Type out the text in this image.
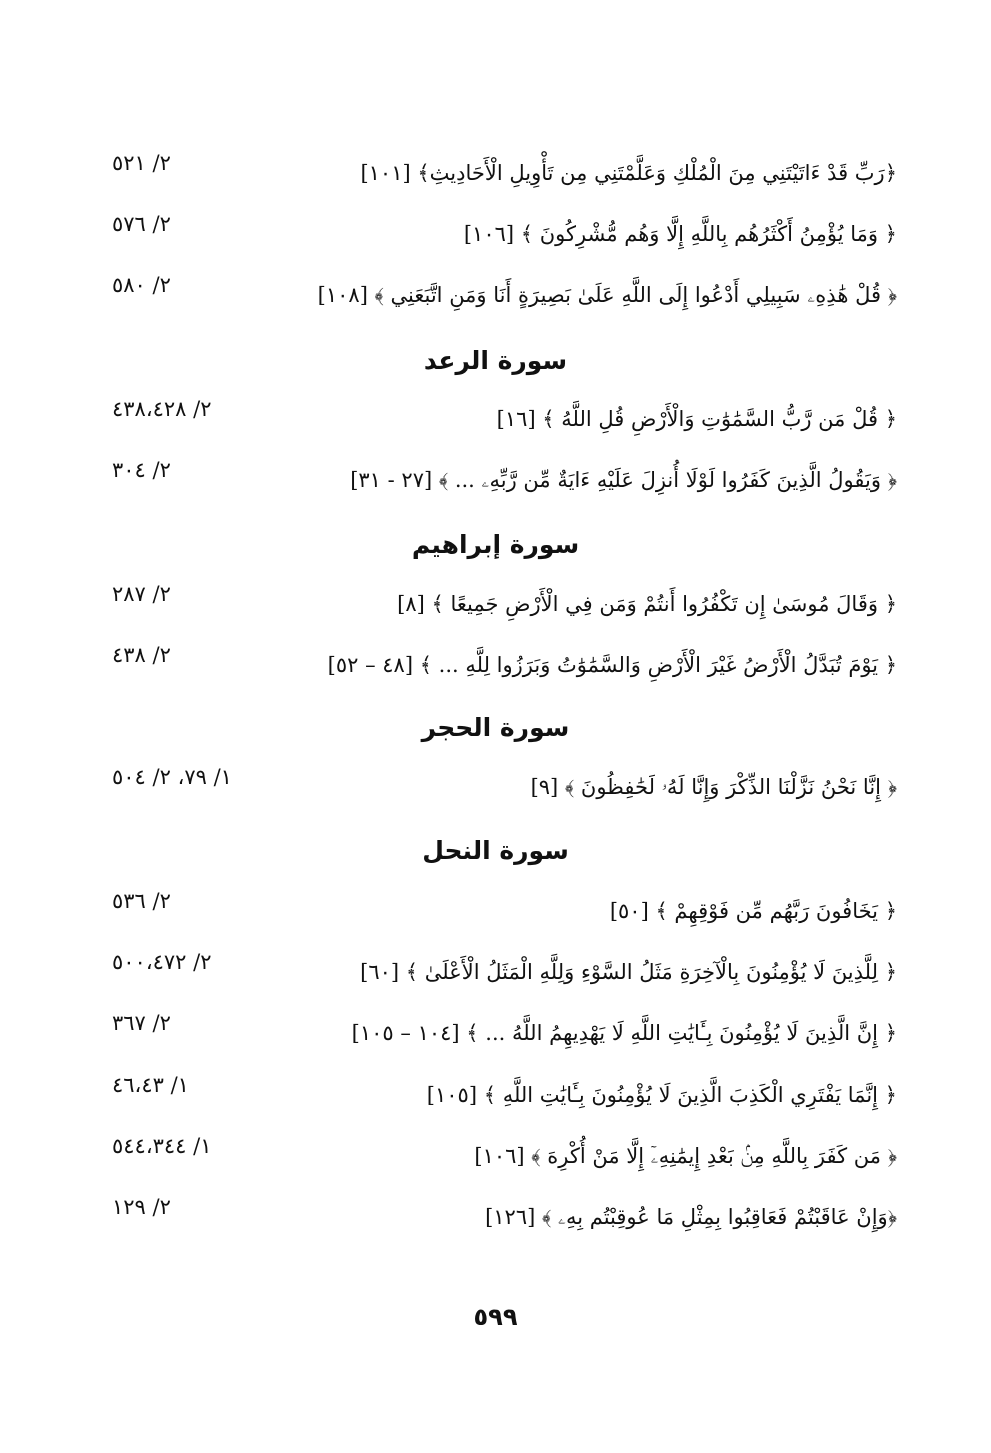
﴿رَبِّ قَدْ ءَاتَيْتَنِي مِنَ الْمُلْكِ وَعَلَّمْتَنِي مِن تَأْوِيلِ الْأَحَادِيثِ﴾ [١٠١]
٢/ ٥٢١
﴿ وَمَا يُؤْمِنُ أَكْثَرُهُم بِاللَّهِ إِلَّا وَهُم مُّشْرِكُونَ ﴾ [١٠٦]
٢/ ٥٧٦
﴿ قُلْ هَٰذِهِۦ سَبِيلِي أَدْعُوا إِلَى اللَّهِ عَلَىٰ بَصِيرَةٍ أَنَا وَمَنِ اتَّبَعَنِي ﴾ [١٠٨]
٢/ ٥٨٠
سورة الرعد
﴿ قُلْ مَن رَّبُّ السَّمَٰوَٰتِ وَالْأَرْضِ قُلِ اللَّهُ ﴾ [١٦]
٢/ ٤٣٨،٤٢٨
﴿ وَيَقُولُ الَّذِينَ كَفَرُوا لَوْلَا أُنزِلَ عَلَيْهِ ءَايَةٌ مِّن رَّبِّهِۦ ... ﴾ [٢٧ - ٣١]
٢/ ٣٠٤
سورة إبراهيم
﴿ وَقَالَ مُوسَىٰ إِن تَكْفُرُوا أَنتُمْ وَمَن فِي الْأَرْضِ جَمِيعًا ﴾ [٨]
٢/ ٢٨٧
﴿ يَوْمَ تُبَدَّلُ الْأَرْضُ غَيْرَ الْأَرْضِ وَالسَّمَٰوَٰتُ وَبَرَزُوا لِلَّهِ ... ﴾ [٤٨ – ٥٢]
٢/ ٤٣٨
سورة الحجر
﴿ إِنَّا نَحْنُ نَزَّلْنَا الذِّكْرَ وَإِنَّا لَهُۥ لَحَٰفِظُونَ ﴾ [٩]
١/ ٧٩، ٢/ ٥٠٤
سورة النحل
﴿ يَخَافُونَ رَبَّهُم مِّن فَوْقِهِمْ ﴾ [٥٠]
٢/ ٥٣٦
﴿ لِلَّذِينَ لَا يُؤْمِنُونَ بِالْآخِرَةِ مَثَلُ السَّوْءِ وَلِلَّهِ الْمَثَلُ الْأَعْلَىٰ ﴾ [٦٠]
٢/ ٥٠٠،٤٧٢
﴿ إِنَّ الَّذِينَ لَا يُؤْمِنُونَ بِـَٔايَٰتِ اللَّهِ لَا يَهْدِيهِمُ اللَّهُ ... ﴾ [١٠٤ – ١٠٥]
٢/ ٣٦٧
﴿ إِنَّمَا يَفْتَرِي الْكَذِبَ الَّذِينَ لَا يُؤْمِنُونَ بِـَٔايَٰتِ اللَّهِ ﴾ [١٠٥]
١/ ٤٦،٤٣
﴿ مَن كَفَرَ بِاللَّهِ مِنۢ بَعْدِ إِيمَٰنِهِۦٓ إِلَّا مَنْ أُكْرِهَ ﴾ [١٠٦]
١/ ٥٤٤،٣٤٤
﴿وَإِنْ عَاقَبْتُمْ فَعَاقِبُوا بِمِثْلِ مَا عُوقِبْتُم بِهِۦ ﴾ [١٢٦]
٢/ ١٢٩
٥٩٩
